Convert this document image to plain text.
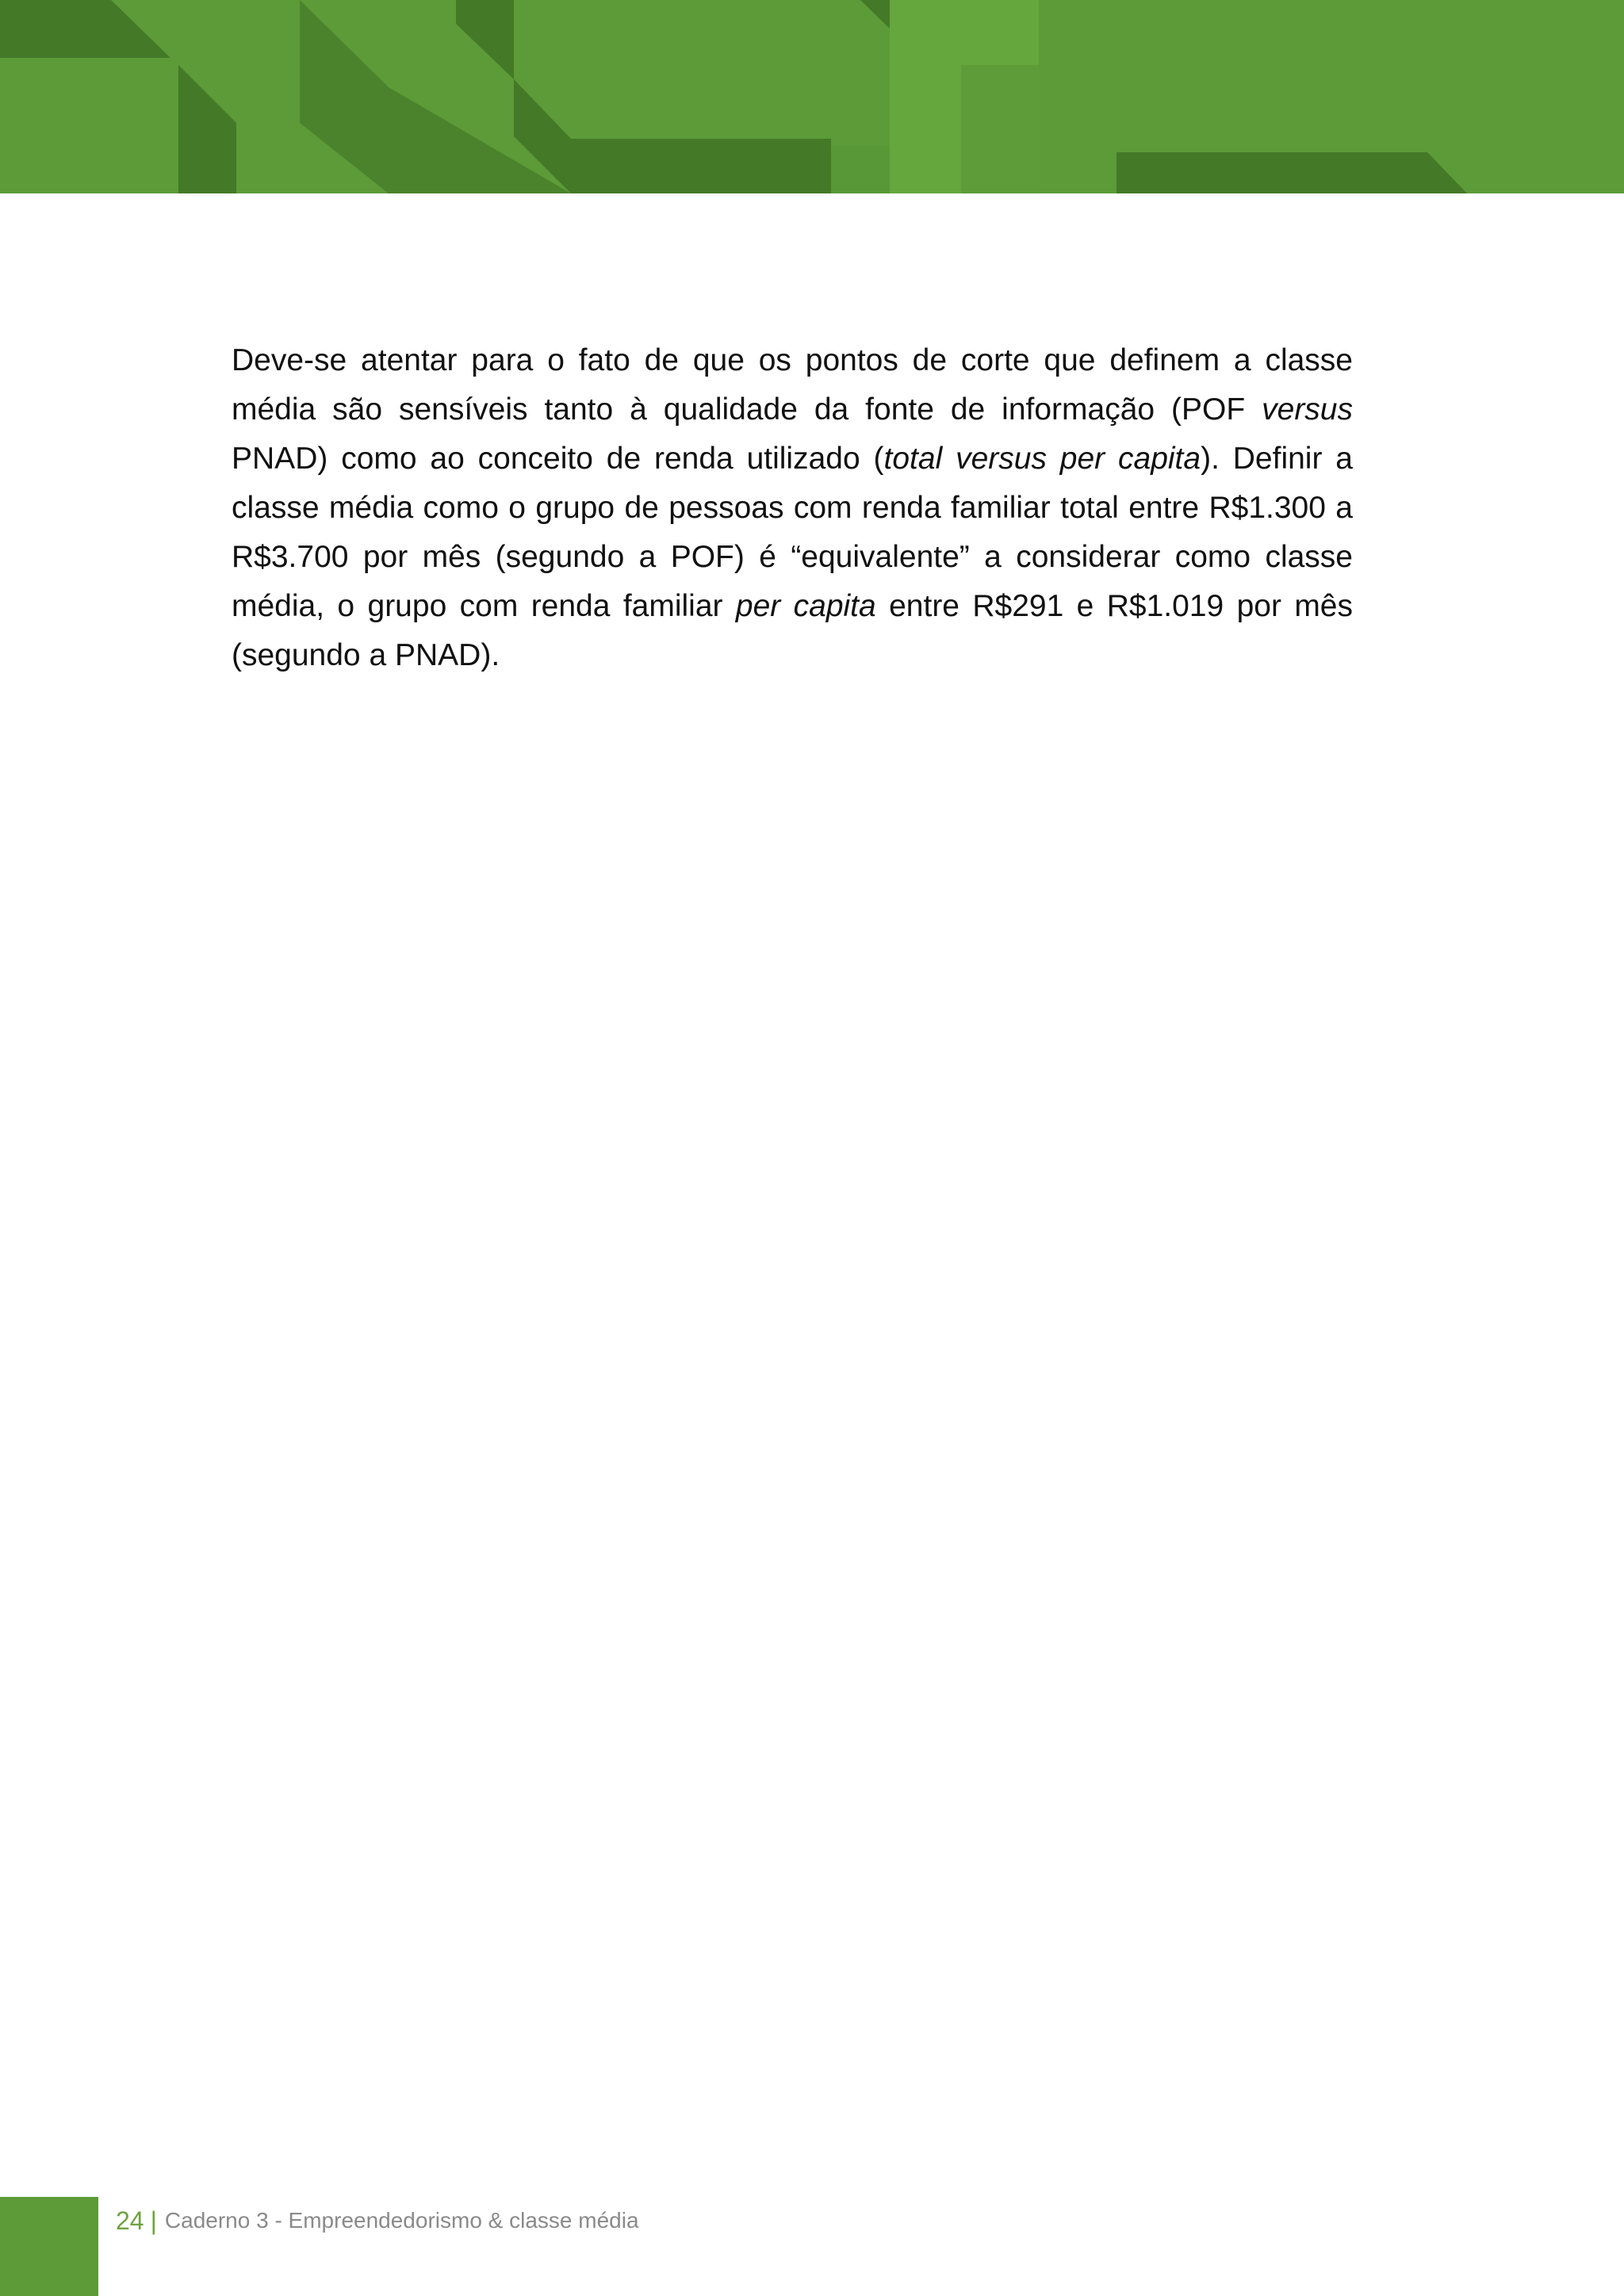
Deve-se atentar para o fato de que os pontos de corte que definem a classe média são sensíveis tanto à qualidade da fonte de informação (POF versus PNAD) como ao conceito de renda utilizado (total versus per capita). Definir a classe média como o grupo de pessoas com renda familiar total entre R$1.300 a R$3.700 por mês (segundo a POF) é “equivalente” a considerar como classe média, o grupo com renda familiar per capita entre R$291 e R$1.019 por mês (segundo a PNAD).

24 | Caderno 3 - Empreendedorismo & classe média
